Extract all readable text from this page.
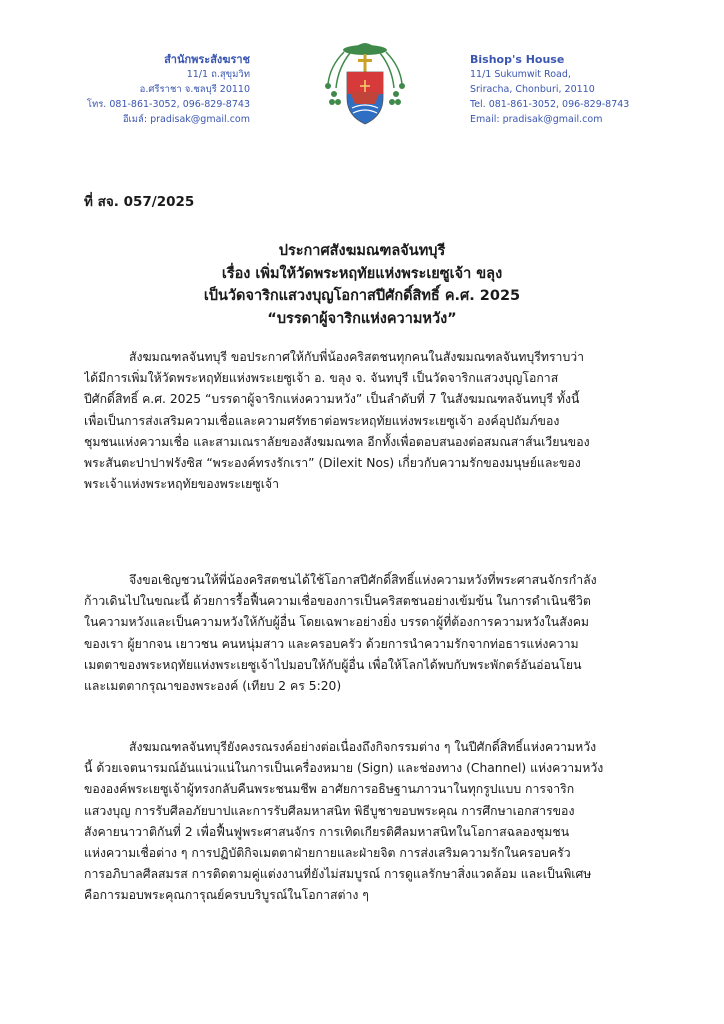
สำนักพระสังฆราช
11/1 ถ.สุขุมวิท
อ.ศรีราชา จ.ชลบุรี 20110
โทร. 081-861-3052, 096-829-8743
อีเมล์: pradisak@gmail.com
Bishop's House
11/1 Sukumwit Road,
Sriracha, Chonburi, 20110
Tel. 081-861-3052, 096-829-8743
Email: pradisak@gmail.com
ที่ สจ. 057/2025
ประกาศสังฆมณฑลจันทบุรี
เรื่อง เพิ่มให้วัดพระหฤทัยแห่งพระเยซูเจ้า ขลุง
เป็นวัดจาริกแสวงบุญโอกาสปีศักดิ์สิทธิ์ ค.ศ. 2025
“บรรดาผู้จาริกแห่งความหวัง”
สังฆมณฑลจันทบุรี ขอประกาศให้กับพี่น้องคริสตชนทุกคนในสังฆมณฑลจันทบุรีทราบว่า
ได้มีการเพิ่มให้วัดพระหฤทัยแห่งพระเยซูเจ้า อ. ขลุง จ. จันทบุรี เป็นวัดจาริกแสวงบุญโอกาส
ปีศักดิ์สิทธิ์ ค.ศ. 2025 “บรรดาผู้จาริกแห่งความหวัง” เป็นลำดับที่ 7 ในสังฆมณฑลจันทบุรี ทั้งนี้
เพื่อเป็นการส่งเสริมความเชื่อและความศรัทธาต่อพระหฤทัยแห่งพระเยซูเจ้า องค์อุปถัมภ์ของ
ชุมชนแห่งความเชื่อ และสามเณราลัยของสังฆมณฑล อีกทั้งเพื่อตอบสนองต่อสมณสาส์นเวียนของ
พระสันตะปาปาฟรังซิส “พระองค์ทรงรักเรา” (Dilexit Nos) เกี่ยวกับความรักของมนุษย์และของ
พระเจ้าแห่งพระหฤทัยของพระเยซูเจ้า
จึงขอเชิญชวนให้พี่น้องคริสตชนได้ใช้โอกาสปีศักดิ์สิทธิ์แห่งความหวังที่พระศาสนจักรกำลัง
ก้าวเดินไปในขณะนี้ ด้วยการรื้อฟื้นความเชื่อของการเป็นคริสตชนอย่างเข้มข้น ในการดำเนินชีวิต
ในความหวังและเป็นความหวังให้กับผู้อื่น โดยเฉพาะอย่างยิ่ง บรรดาผู้ที่ต้องการความหวังในสังคม
ของเรา ผู้ยากจน เยาวชน คนหนุ่มสาว และครอบครัว ด้วยการนำความรักจากท่อธารแห่งความ
เมตตาของพระหฤทัยแห่งพระเยซูเจ้าไปมอบให้กับผู้อื่น เพื่อให้โลกได้พบกับพระพักตร์อันอ่อนโยน
และเมตตากรุณาของพระองค์ (เทียบ 2 คร 5:20)
สังฆมณฑลจันทบุรียังคงรณรงค์อย่างต่อเนื่องถึงกิจกรรมต่าง ๆ ในปีศักดิ์สิทธิ์แห่งความหวัง
นี้ ด้วยเจตนารมณ์อันแน่วแน่ในการเป็นเครื่องหมาย (Sign) และช่องทาง (Channel) แห่งความหวัง
ขององค์พระเยซูเจ้าผู้ทรงกลับคืนพระชนมชีพ อาศัยการอธิษฐานภาวนาในทุกรูปแบบ การจาริก
แสวงบุญ การรับศีลอภัยบาปและการรับศีลมหาสนิท พิธีบูชาขอบพระคุณ การศึกษาเอกสารของ
สังคายนาวาติกันที่ 2 เพื่อฟื้นฟูพระศาสนจักร การเทิดเกียรติศีลมหาสนิทในโอกาสฉลองชุมชน
แห่งความเชื่อต่าง ๆ การปฏิบัติกิจเมตตาฝ่ายกายและฝ่ายจิต การส่งเสริมความรักในครอบครัว
การอภิบาลศีลสมรส การติดตามคู่แต่งงานที่ยังไม่สมบูรณ์ การดูแลรักษาสิ่งแวดล้อม และเป็นพิเศษ
คือการมอบพระคุณการุณย์ครบบริบูรณ์ในโอกาสต่าง ๆ
